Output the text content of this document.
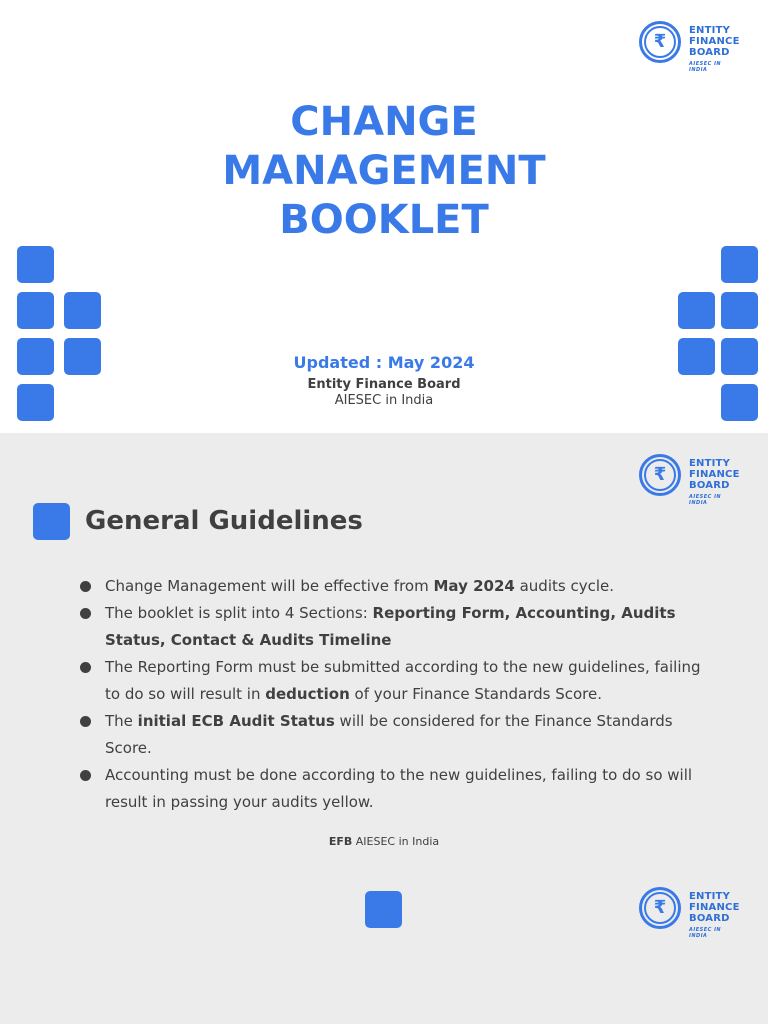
₹
ENTITY
FINANCE
BOARD
AIESEC IN INDIA
CHANGE
MANAGEMENT
BOOKLET
Updated : May 2024
Entity Finance Board
AIESEC in India
₹
ENTITY
FINANCE
BOARD
AIESEC IN INDIA
General Guidelines
Change Management will be effective from May 2024 audits cycle.
The booklet is split into 4 Sections: Reporting Form, Accounting, Audits Status, Contact & Audits Timeline
The Reporting Form must be submitted according to the new guidelines, failing to do so will result in deduction of your Finance Standards Score.
The initial ECB Audit Status will be considered for the Finance Standards Score.
Accounting must be done according to the new guidelines, failing to do so will result in passing your audits yellow.
EFB AIESEC in India
₹
ENTITY
FINANCE
BOARD
AIESEC IN INDIA
